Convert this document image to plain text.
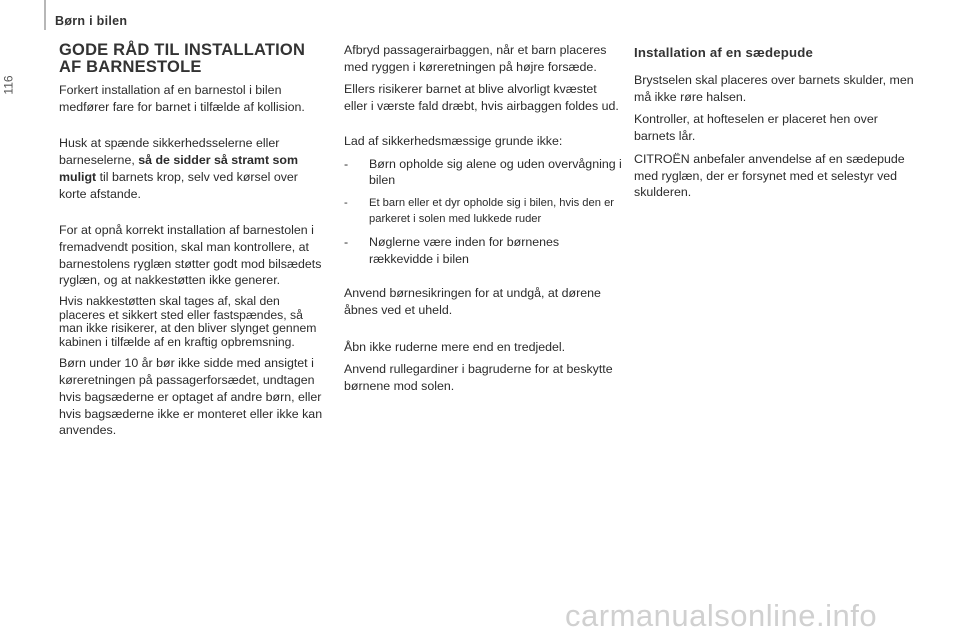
Børn i bilen
116
GODE RÅD TIL INSTALLATION AF BARNESTOLE

Forkert installation af en barnestol i bilen medfører fare for barnet i tilfælde af kollision.

Husk at spænde sikkerhedsselerne eller barneselerne, så de sidder så stramt som muligt til barnets krop, selv ved kørsel over korte afstande.

For at opnå korrekt installation af barnestolen i fremadvendt position, skal man kontrollere, at barnestolens ryglæn støtter godt mod bilsædets ryglæn, og at nakkestøtten ikke generer.

Hvis nakkestøtten skal tages af, skal den placeres et sikkert sted eller fastspændes, så man ikke risikerer, at den bliver slynget gennem kabinen i tilfælde af en kraftig opbremsning.

Børn under 10 år bør ikke sidde med ansigtet i køreretningen på passagerforsædet, undtagen hvis bagsæderne er optaget af andre børn, eller hvis bagsæderne ikke er monteret eller ikke kan anvendes.

Afbryd passagerairbaggen, når et barn placeres med ryggen i køreretningen på højre forsæde.

Ellers risikerer barnet at blive alvorligt kvæstet eller i værste fald dræbt, hvis airbaggen foldes ud.

Lad af sikkerhedsmæssige grunde ikke:

- Børn opholde sig alene og uden overvågning i bilen
- Et barn eller et dyr opholde sig i bilen, hvis den er parkeret i solen med lukkede ruder
- Nøglerne være inden for børnenes rækkevidde i bilen

Anvend børnesikringen for at undgå, at dørene åbnes ved et uheld.

Åbn ikke ruderne mere end en tredjedel.

Anvend rullegardiner i bagruderne for at beskytte børnene mod solen.

Installation af en sædepude

Brystselen skal placeres over barnets skulder, men må ikke røre halsen.

Kontroller, at hofteselen er placeret hen over barnets lår.

CITROËN anbefaler anvendelse af en sædepude med ryglæn, der er forsynet med et selestyr ved skulderen.

carmanualsonline.info
